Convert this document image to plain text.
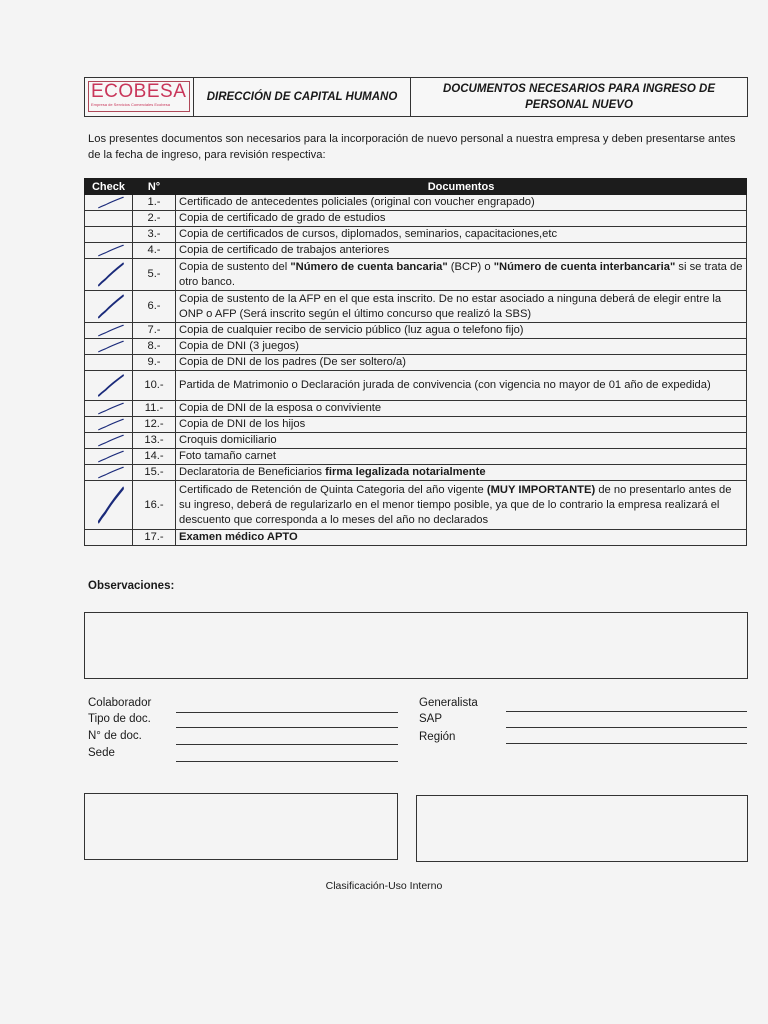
ECOBESA
Empresa de Servicios Comerciales Ecobesa
DIRECCIÓN DE CAPITAL HUMANO
DOCUMENTOS NECESARIOS PARA INGRESO DE PERSONAL NUEVO
Los presentes documentos son necesarios para la incorporación de nuevo personal a nuestra empresa y deben presentarse antes de la fecha de ingreso, para revisión respectiva:
Check	N°	Documentos

	1.-	Certificado de antecedentes policiales (original con voucher engrapado)
	2.-	Copia de certificado de grado de estudios
	3.-	Copia de certificados de cursos, diplomados, seminarios, capacitaciones,etc

	4.-	Copia de certificado de trabajos anteriores

	5.-	Copia de sustento del "Número de cuenta bancaria" (BCP) o "Número de cuenta interbancaria" si se trata de otro banco.

	6.-	Copia de sustento de la AFP en el que esta inscrito. De no estar asociado a ninguna deberá de elegir entre la ONP o AFP (Será inscrito según el último concurso que realizó la SBS)

	7.-	Copia de cualquier recibo de servicio público (luz agua o telefono fijo)

	8.-	Copia de DNI (3 juegos)
	9.-	Copia de DNI de los padres (De ser soltero/a)

	10.-	Partida de Matrimonio o Declaración jurada de convivencia (con vigencia no mayor de 01 año de expedida)

	11.-	Copia de DNI de la esposa o conviviente

	12.-	Copia de DNI de los hijos

	13.-	Croquis domiciliario

	14.-	Foto tamaño carnet

	15.-	Declaratoria de Beneficiarios firma legalizada notarialmente

	16.-	Certificado de Retención de Quinta Categoria del año vigente (MUY IMPORTANTE) de no presentarlo antes de su ingreso, deberá de regularizarlo en el menor tiempo posible, ya que de lo contrario la empresa realizará el descuento que corresponda a lo meses del año no declarados
	17.-	Examen médico APTO
Observaciones:
Colaborador
Tipo de doc.
N° de doc.
Sede
Generalista
SAP
Región
Clasificación-Uso Interno
